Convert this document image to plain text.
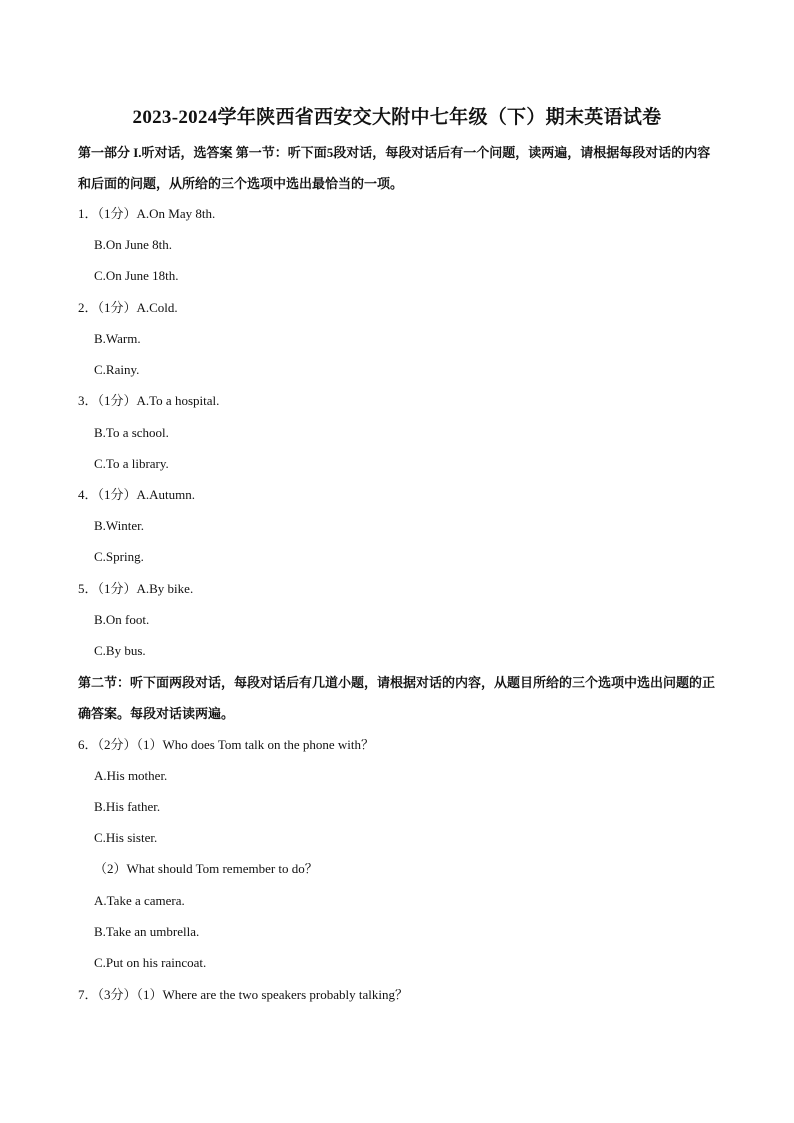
2023-2024学年陕西省西安交大附中七年级（下）期末英语试卷
第一部分 I.听对话，选答案 第一节：听下面5段对话，每段对话后有一个问题，读两遍，请根据每段对话的内容和后面的问题，从所给的三个选项中选出最恰当的一项。
1．（1分）A.On May 8th.
B.On June 8th.
C.On June 18th.
2．（1分）A.Cold.
B.Warm.
C.Rainy.
3．（1分）A.To a hospital.
B.To a school.
C.To a library.
4．（1分）A.Autumn.
B.Winter.
C.Spring.
5．（1分）A.By bike.
B.On foot.
C.By bus.
第二节：听下面两段对话，每段对话后有几道小题，请根据对话的内容，从题目所给的三个选项中选出问题的正确答案。每段对话读两遍。
6．（2分）（1）Who does Tom talk on the phone with？
A.His mother.
B.His father.
C.His sister.
（2）What should Tom remember to do？
A.Take a camera.
B.Take an umbrella.
C.Put on his raincoat.
7．（3分）（1）Where are the two speakers probably talking？
